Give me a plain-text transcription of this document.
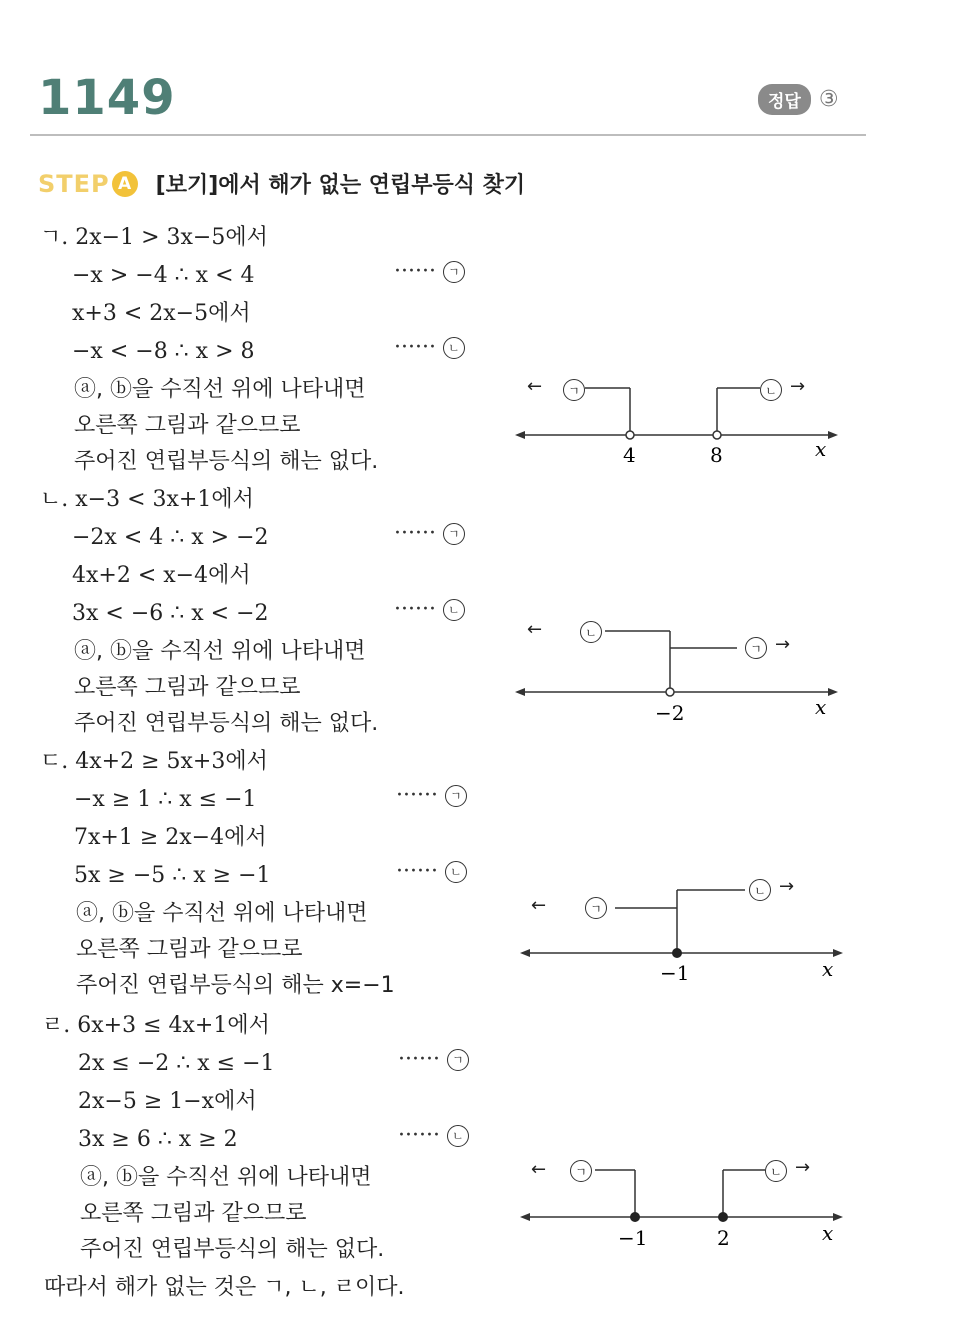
1149	정답 ③
STEP A [보기]에서 해가 없는 연립부등식 찾기
ㄱ. 2x−1 > 3x−5에서
−x > −4 ∴ x < 4	······ ㄱ
x+3 < 2x−5에서
−x < −8 ∴ x > 8	······ ㄴ
ⓐ, ⓑ을 수직선 위에 나타내면
오른쪽 그림과 같으므로
주어진 연립부등식의 해는 없다.	4	8	x
←	ㄱ	ㄴ →
ㄴ. x−3 < 3x+1에서
−2x < 4 ∴ x > −2	······ ㄱ
4x+2 < x−4에서
3x < −6 ∴ x < −2	······ ㄴ
ⓐ, ⓑ을 수직선 위에 나타내면
오른쪽 그림과 같으므로
주어진 연립부등식의 해는 없다.	−2	x
←	ㄴ
ㄱ →
ㄷ. 4x+2 ≥ 5x+3에서
−x ≥ 1 ∴ x ≤ −1	······ ㄱ
7x+1 ≥ 2x−4에서
5x ≥ −5 ∴ x ≥ −1	······ ㄴ
ⓐ, ⓑ을 수직선 위에 나타내면
오른쪽 그림과 같으므로
주어진 연립부등식의 해는 x=−1	−1	x
←	ㄱ
ㄴ →
ㄹ. 6x+3 ≤ 4x+1에서
2x ≤ −2 ∴ x ≤ −1	······ ㄱ
2x−5 ≥ 1−x에서
3x ≥ 6 ∴ x ≥ 2	······ ㄴ
ⓐ, ⓑ을 수직선 위에 나타내면
오른쪽 그림과 같으므로
주어진 연립부등식의 해는 없다.	−1	2	x
←	ㄱ	ㄴ →
따라서 해가 없는 것은 ㄱ, ㄴ, ㄹ이다.
